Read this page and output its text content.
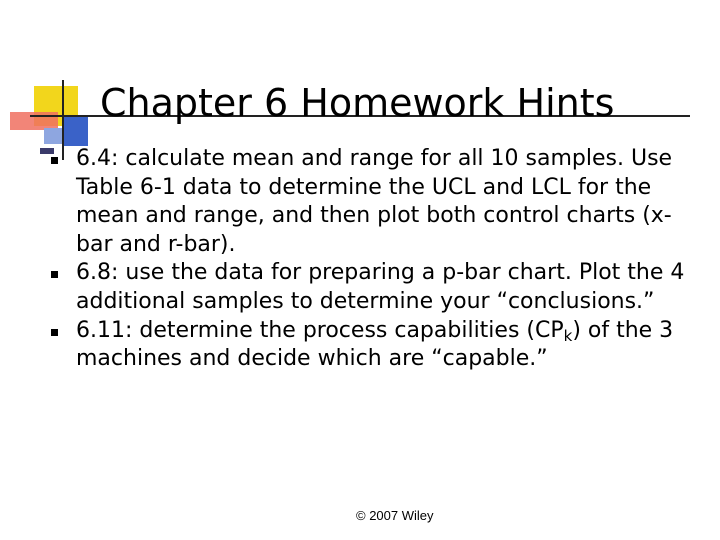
Chapter 6 Homework Hints
6.4: calculate mean and range for all 10 samples. Use Table 6-1 data to determine the UCL and LCL for the mean and range, and then plot both control charts (x-bar and r-bar).
6.8: use the data for preparing a p-bar chart. Plot the 4 additional samples to determine your “conclusions.”
6.11: determine the process capabilities $(CP_k)$ of the 3 machines and decide which are “capable.”
© 2007 Wiley
